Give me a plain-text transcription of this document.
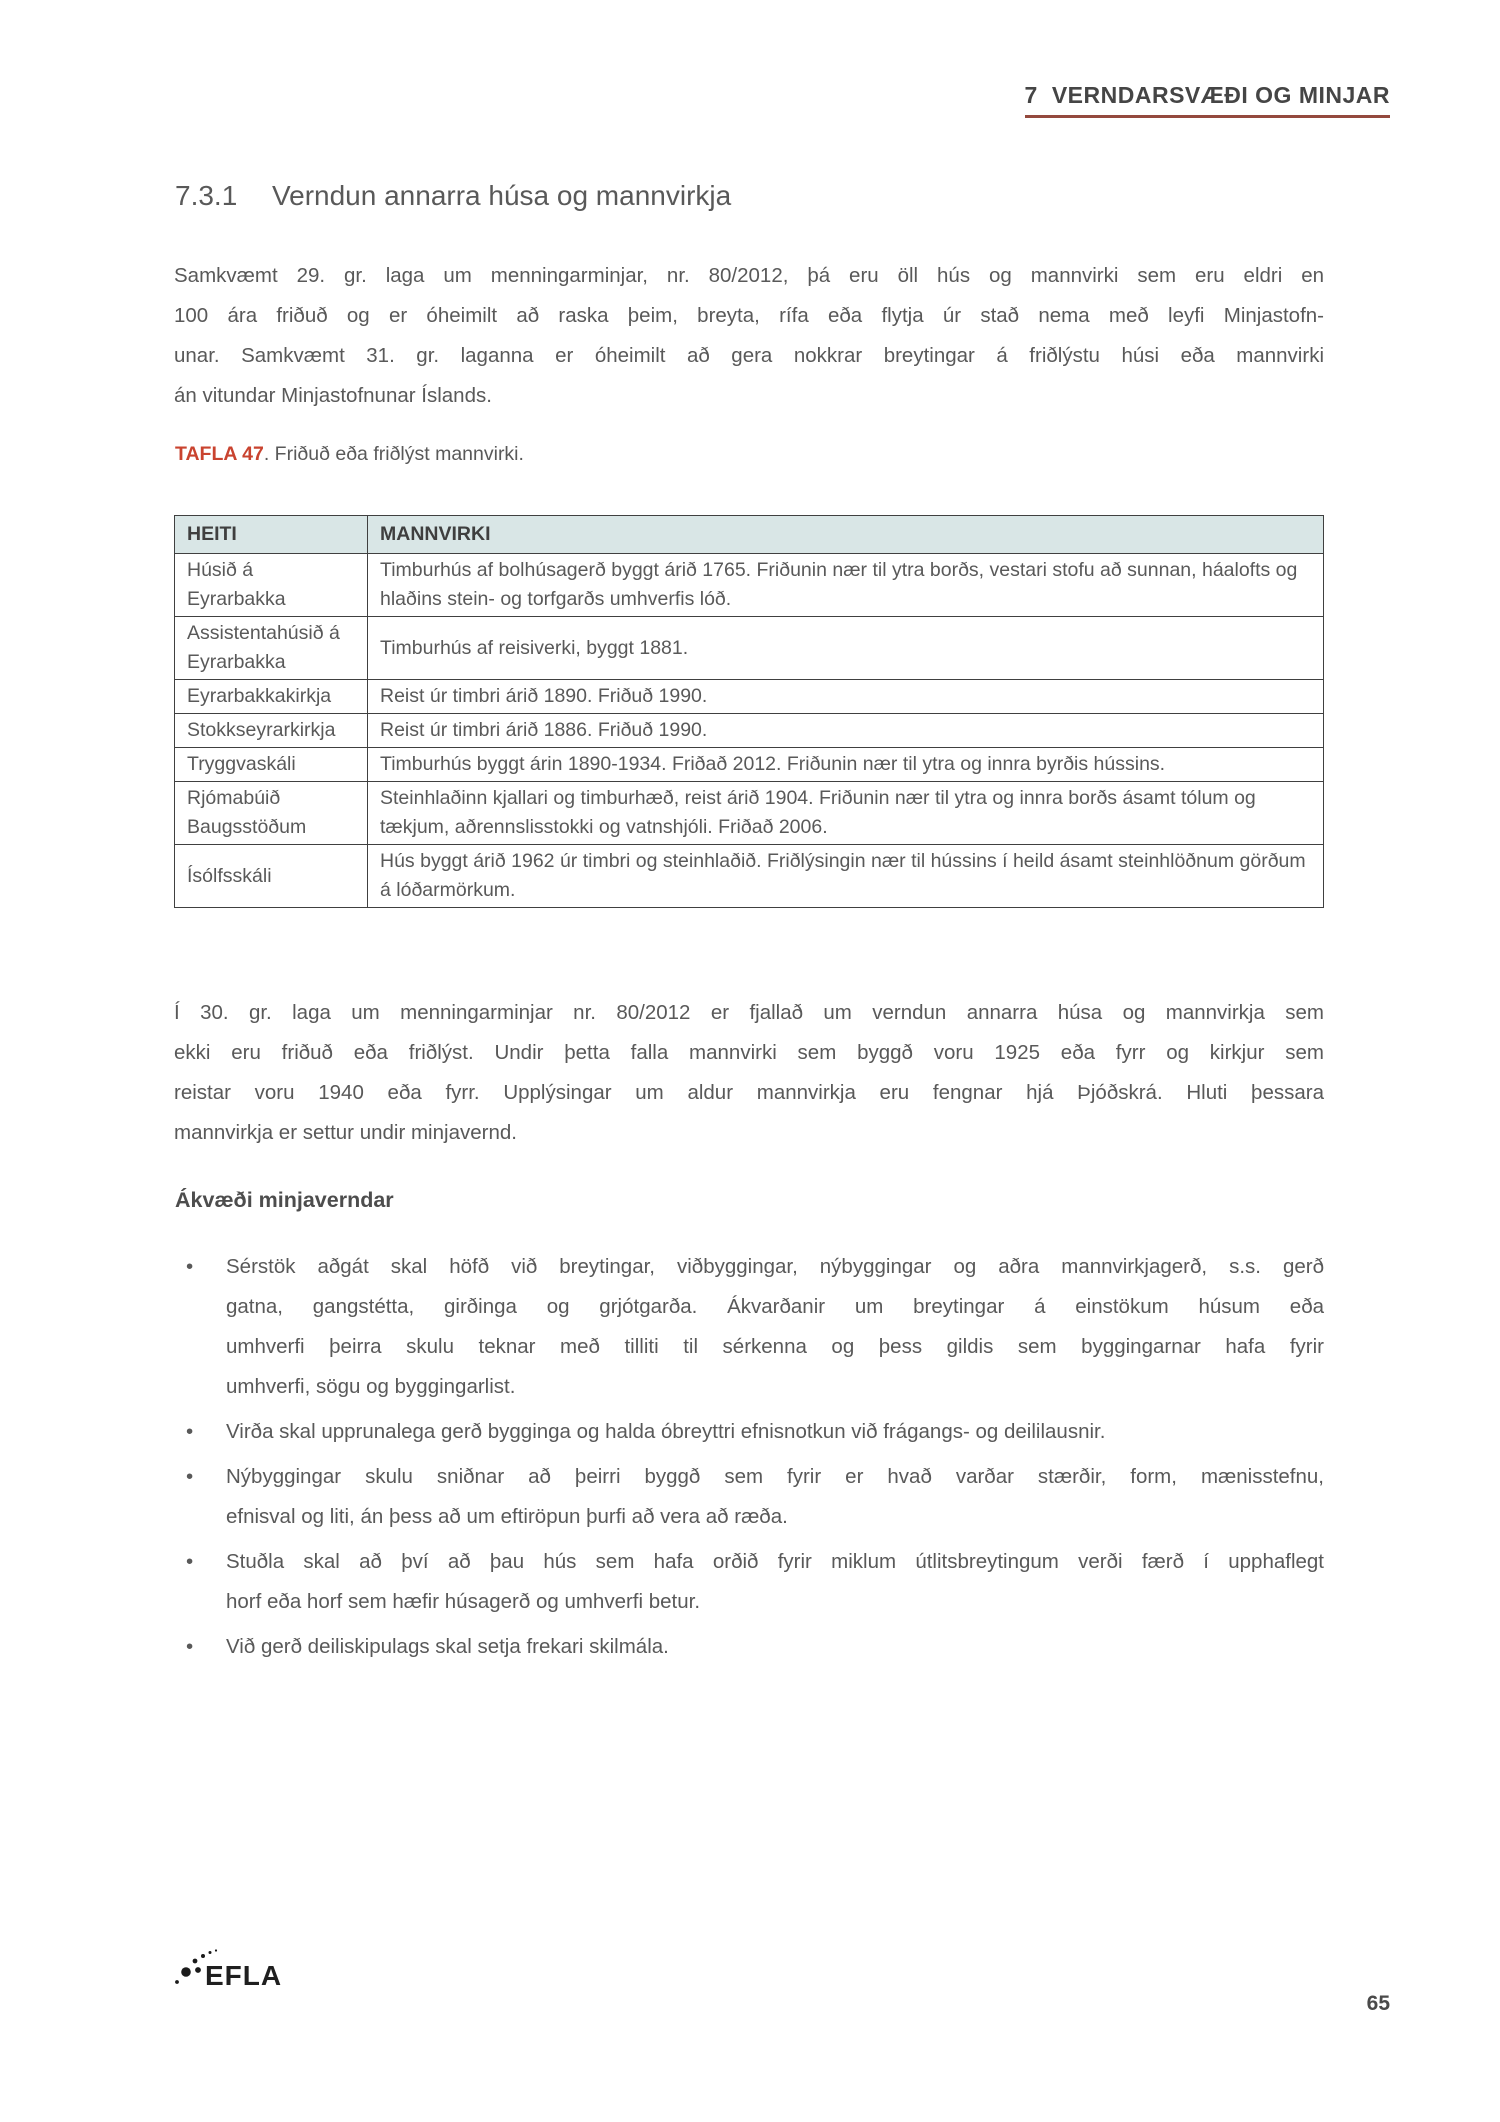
7 VERNDARSVÆÐI OG MINJAR
7.3.1 Verndun annarra húsa og mannvirkja
Samkvæmt 29. gr. laga um menningarminjar, nr. 80/2012, þá eru öll hús og mannvirki sem eru eldri en
100 ára friðuð og er óheimilt að raska þeim, breyta, rífa eða flytja úr stað nema með leyfi Minjastofn-
unar. Samkvæmt 31. gr. laganna er óheimilt að gera nokkrar breytingar á friðlýstu húsi eða mannvirki
án vitundar Minjastofnunar Íslands.
TAFLA 47. Friðuð eða friðlýst mannvirki.
HEITI	MANNVIRKI
Húsið á Eyrarbakka	Timburhús af bolhúsagerð byggt árið 1765. Friðunin nær til ytra borðs, vestari stofu að sunnan, háalofts og hlaðins stein- og torfgarðs umhverfis lóð.
Assistentahúsið á Eyrarbakka	Timburhús af reisiverki, byggt 1881.
Eyrarbakkakirkja	Reist úr timbri árið 1890. Friðuð 1990.
Stokkseyrarkirkja	Reist úr timbri árið 1886. Friðuð 1990.
Tryggvaskáli	Timburhús byggt árin 1890-1934. Friðað 2012. Friðunin nær til ytra og innra byrðis hússins.
Rjómabúið Baugsstöðum	Steinhlaðinn kjallari og timburhæð, reist árið 1904. Friðunin nær til ytra og innra borðs ásamt tólum og tækjum, aðrennslisstokki og vatnshjóli. Friðað 2006.
Ísólfsskáli	Hús byggt árið 1962 úr timbri og steinhlaðið. Friðlýsingin nær til hússins í heild ásamt steinhlöðnum görðum á lóðarmörkum.
Í 30. gr. laga um menningarminjar nr. 80/2012 er fjallað um verndun annarra húsa og mannvirkja sem
ekki eru friðuð eða friðlýst. Undir þetta falla mannvirki sem byggð voru 1925 eða fyrr og kirkjur sem
reistar voru 1940 eða fyrr. Upplýsingar um aldur mannvirkja eru fengnar hjá Þjóðskrá. Hluti þessara
mannvirkja er settur undir minjavernd.
Ákvæði minjaverndar
• Sérstök aðgát skal höfð við breytingar, viðbyggingar, nýbyggingar og aðra mannvirkjagerð, s.s. gerð
gatna, gangstétta, girðinga og grjótgarða. Ákvarðanir um breytingar á einstökum húsum eða
umhverfi þeirra skulu teknar með tilliti til sérkenna og þess gildis sem byggingarnar hafa fyrir
umhverfi, sögu og byggingarlist.
• Virða skal upprunalega gerð bygginga og halda óbreyttri efnisnotkun við frágangs- og deililausnir.
• Nýbyggingar skulu sniðnar að þeirri byggð sem fyrir er hvað varðar stærðir, form, mænisstefnu,
efnisval og liti, án þess að um eftiröpun þurfi að vera að ræða.
• Stuðla skal að því að þau hús sem hafa orðið fyrir miklum útlitsbreytingum verði færð í upphaflegt
horf eða horf sem hæfir húsagerð og umhverfi betur.
• Við gerð deiliskipulags skal setja frekari skilmála.
EFLA
65
